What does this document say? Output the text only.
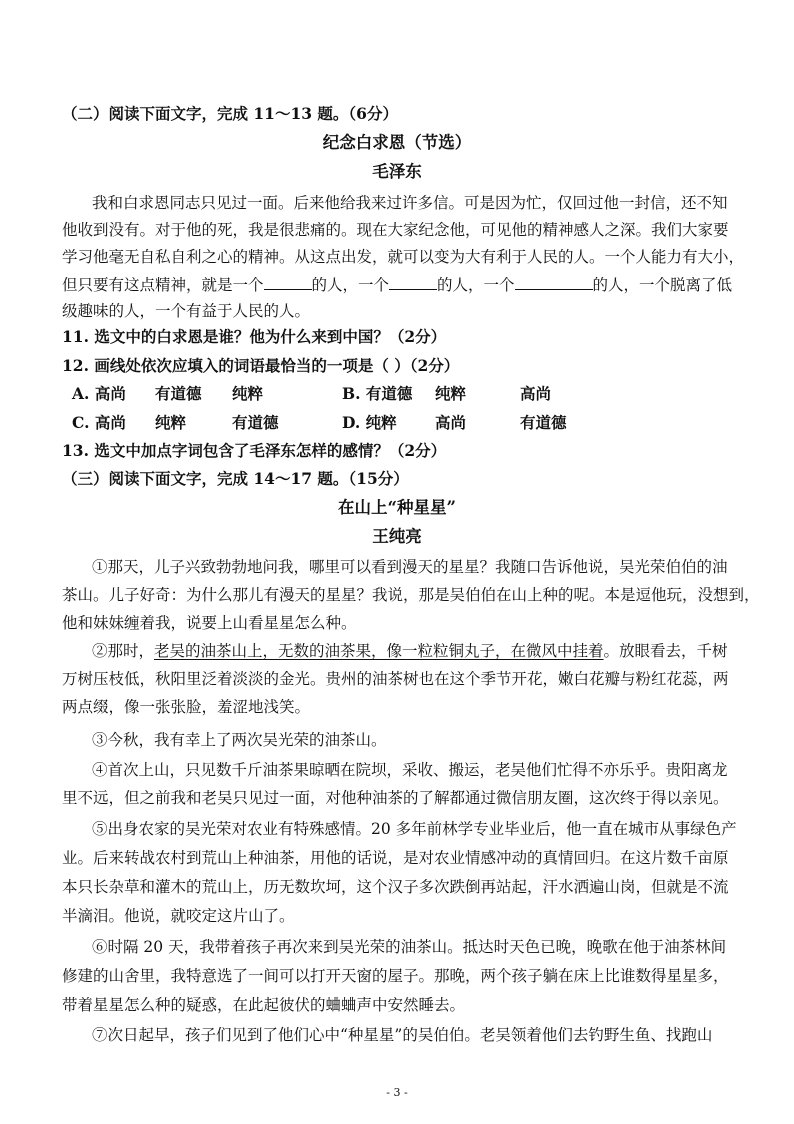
（二）阅读下面文字，完成 11～13 题。（6分）
纪念白求恩（节选）
毛泽东
我和白求恩同志只见过一面。后来他给我来过许多信。可是因为忙，仅回过他一封信，还不知
他收到没有。对于他的死，我是很悲痛的。现在大家纪念他，可见他的精神感人之深。我们大家要
学习他毫无自私自利之心的精神。从这点出发，就可以变为大有利于人民的人。一个人能力有大小，
但只要有这点精神，就是一个	的人，一个	的人，一个	的人，一个脱离了低
级趣味的人，一个有益于人民的人。
11. 选文中的白求恩是谁？他为什么来到中国？（2分）
12. 画线处依次应填入的词语最恰当的一项是（ ）（2分）
A. 高尚 有道德 纯粹	B. 有道德 纯粹	高尚
C. 高尚 纯粹	有道德	D. 纯粹 高尚	有道德
13. 选文中加点字词包含了毛泽东怎样的感情？（2分）
（三）阅读下面文字，完成 14～17 题。（15分）
在山上“种星星”
王纯亮
①那天，儿子兴致勃勃地问我，哪里可以看到漫天的星星？我随口告诉他说，吴光荣伯伯的油
茶山。儿子好奇：为什么那儿有漫天的星星？我说，那是吴伯伯在山上种的呢。本是逗他玩，没想到，
他和妹妹缠着我，说要上山看星星怎么种。
②那时，老吴的油茶山上，无数的油茶果，像一粒粒铜丸子，在微风中挂着。放眼看去，千树
万树压枝低，秋阳里泛着淡淡的金光。贵州的油茶树也在这个季节开花，嫩白花瓣与粉红花蕊，两
两点缀，像一张张脸，羞涩地浅笑。
③今秋，我有幸上了两次吴光荣的油茶山。
④首次上山，只见数千斤油茶果晾晒在院坝，采收、搬运，老吴他们忙得不亦乐乎。贵阳离龙
里不远，但之前我和老吴只见过一面，对他种油茶的了解都通过微信朋友圈，这次终于得以亲见。
⑤出身农家的吴光荣对农业有特殊感情。20 多年前林学专业毕业后，他一直在城市从事绿色产
业。后来转战农村到荒山上种油茶，用他的话说，是对农业情感冲动的真情回归。在这片数千亩原
本只长杂草和灌木的荒山上，历无数坎坷，这个汉子多次跌倒再站起，汗水洒遍山岗，但就是不流
半滴泪。他说，就咬定这片山了。
⑥时隔 20 天，我带着孩子再次来到吴光荣的油茶山。抵达时天色已晚，晚歌在他于油茶林间
修建的山舍里，我特意选了一间可以打开天窗的屋子。那晚，两个孩子躺在床上比谁数得星星多，
带着星星怎么种的疑惑，在此起彼伏的蛐蛐声中安然睡去。
⑦次日起早，孩子们见到了他们心中“种星星”的吴伯伯。老吴领着他们去钓野生鱼、找跑山
- 3 -
